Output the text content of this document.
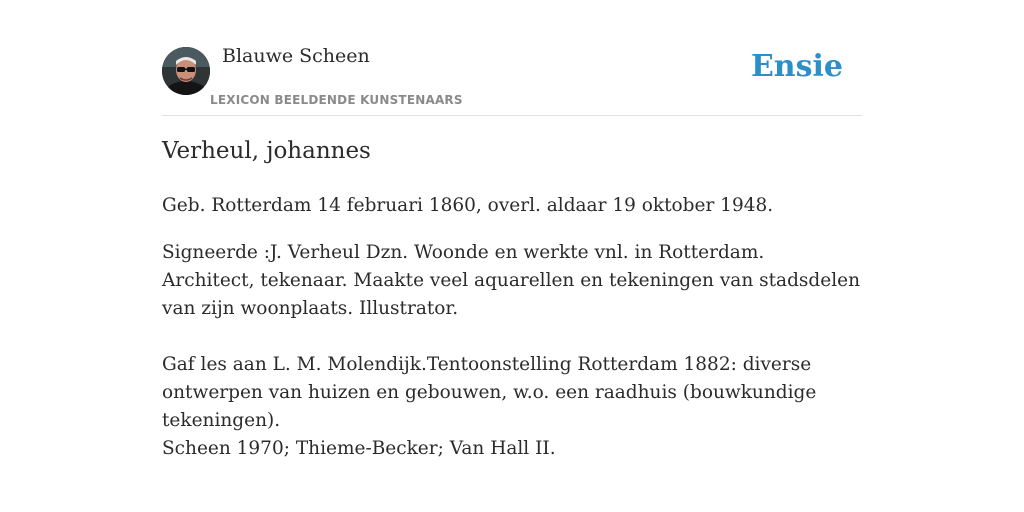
Blauwe Scheen
LEXICON BEELDENDE KUNSTENAARS
Ensie
Verheul, johannes

Geb. Rotterdam 14 februari 1860, overl. aldaar 19 oktober 1948.

Signeerde :J. Verheul Dzn. Woonde en werkte vnl. in Rotterdam. Architect, tekenaar. Maakte veel aquarellen en tekeningen van stadsdelen van zijn woonplaats. Illustrator.

Gaf les aan L. M. Molendijk.Tentoonstelling Rotterdam 1882: diverse ontwerpen van huizen en gebouwen, w.o. een raadhuis (bouwkundige tekeningen).

Scheen 1970; Thieme-Becker; Van Hall II.
